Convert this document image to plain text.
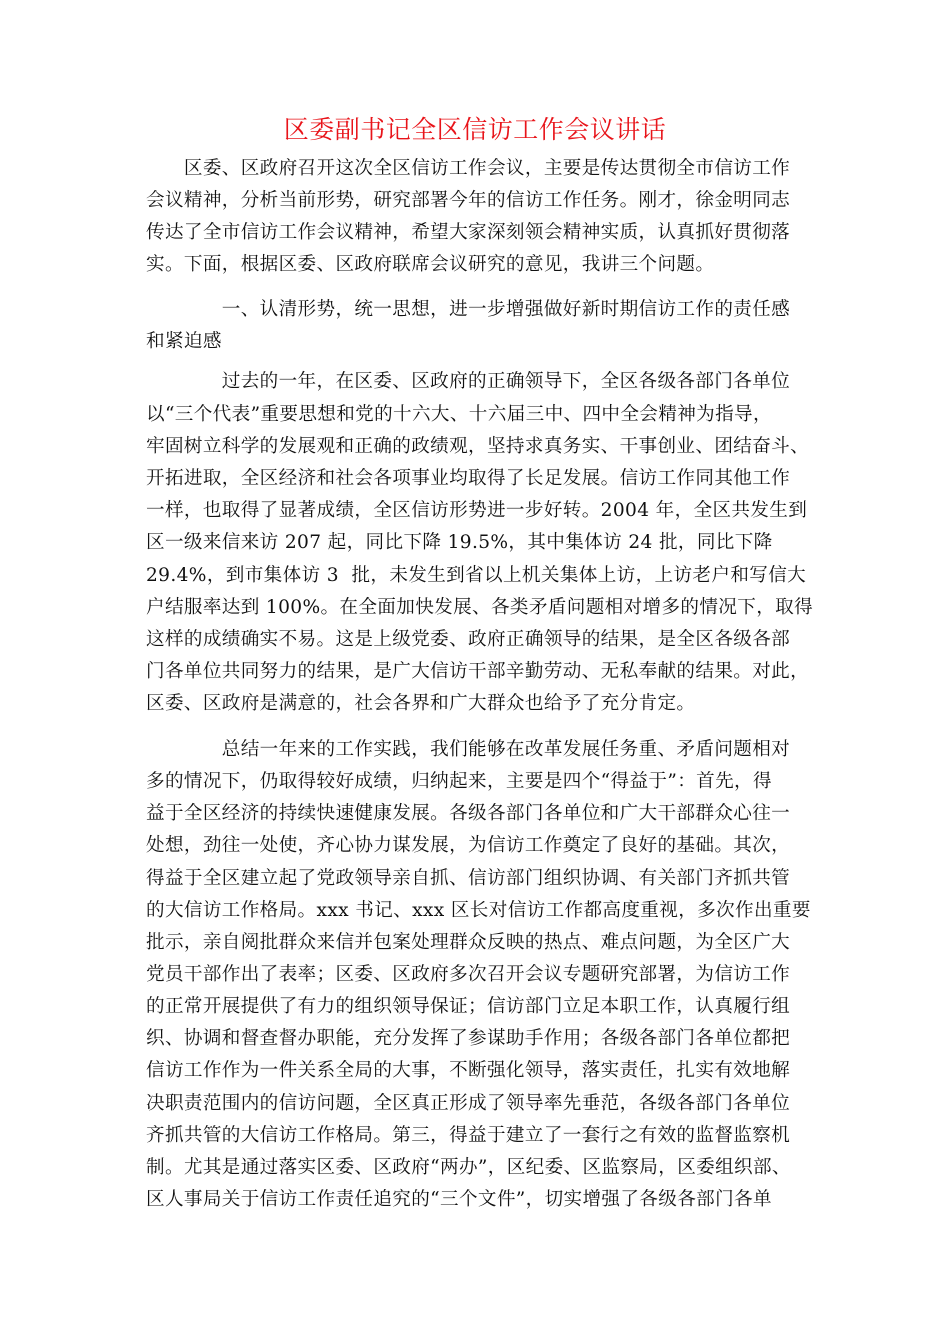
区委副书记全区信访工作会议讲话

　　区委、区政府召开这次全区信访工作会议，主要是传达贯彻全市信访工作

会议精神，分析当前形势，研究部署今年的信访工作任务。刚才，徐金明同志

传达了全市信访工作会议精神，希望大家深刻领会精神实质，认真抓好贯彻落

实。下面，根据区委、区政府联席会议研究的意见，我讲三个问题。

　　　　一、认清形势，统一思想，进一步增强做好新时期信访工作的责任感

和紧迫感

　　　　过去的一年，在区委、区政府的正确领导下，全区各级各部门各单位

以“三个代表”重要思想和党的十六大、十六届三中、四中全会精神为指导，

牢固树立科学的发展观和正确的政绩观，坚持求真务实、干事创业、团结奋斗、

开拓进取，全区经济和社会各项事业均取得了长足发展。信访工作同其他工作

一样，也取得了显著成绩，全区信访形势进一步好转。2004 年，全区共发生到

区一级来信来访 207 起，同比下降 19.5%，其中集体访 24 批，同比下降

29.4%，到市集体访 3  批，未发生到省以上机关集体上访，上访老户和写信大

户结服率达到 100%。在全面加快发展、各类矛盾问题相对增多的情况下，取得

这样的成绩确实不易。这是上级党委、政府正确领导的结果，是全区各级各部

门各单位共同努力的结果，是广大信访干部辛勤劳动、无私奉献的结果。对此，

区委、区政府是满意的，社会各界和广大群众也给予了充分肯定。

　　　　总结一年来的工作实践，我们能够在改革发展任务重、矛盾问题相对

多的情况下，仍取得较好成绩，归纳起来，主要是四个“得益于”：首先，得

益于全区经济的持续快速健康发展。各级各部门各单位和广大干部群众心往一

处想，劲往一处使，齐心协力谋发展，为信访工作奠定了良好的基础。其次，

得益于全区建立起了党政领导亲自抓、信访部门组织协调、有关部门齐抓共管

的大信访工作格局。xxx 书记、xxx 区长对信访工作都高度重视，多次作出重要

批示，亲自阅批群众来信并包案处理群众反映的热点、难点问题，为全区广大

党员干部作出了表率；区委、区政府多次召开会议专题研究部署，为信访工作

的正常开展提供了有力的组织领导保证；信访部门立足本职工作，认真履行组

织、协调和督查督办职能，充分发挥了参谋助手作用；各级各部门各单位都把

信访工作作为一件关系全局的大事，不断强化领导，落实责任，扎实有效地解

决职责范围内的信访问题，全区真正形成了领导率先垂范，各级各部门各单位

齐抓共管的大信访工作格局。第三，得益于建立了一套行之有效的监督监察机

制。尤其是通过落实区委、区政府“两办”，区纪委、区监察局，区委组织部、

区人事局关于信访工作责任追究的“三个文件”，切实增强了各级各部门各单
